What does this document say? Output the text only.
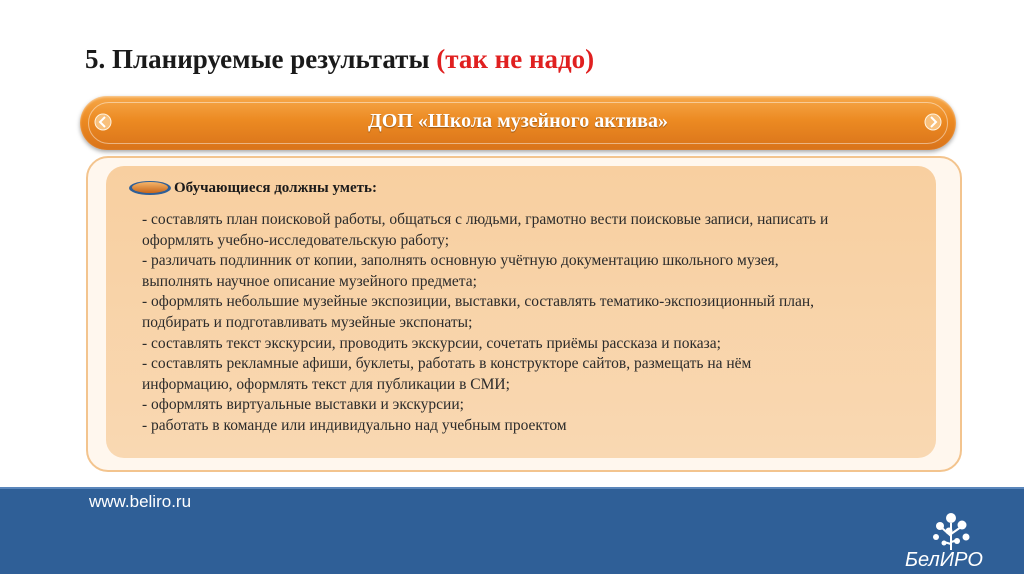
5. Планируемые результаты (так не надо)
ДОП «Школа музейного актива»
Обучающиеся должны уметь:
- составлять план поисковой работы, общаться с людьми, грамотно вести поисковые записи, написать и
оформлять учебно-исследовательскую работу;
- различать подлинник от копии, заполнять основную учётную документацию школьного музея,
выполнять научное описание музейного предмета;
- оформлять небольшие музейные экспозиции, выставки, составлять тематико-экспозиционный план,
подбирать и подготавливать музейные экспонаты;
- составлять текст экскурсии, проводить экскурсии, сочетать приёмы рассказа и показа;
- составлять рекламные афиши, буклеты, работать в конструкторе сайтов, размещать на нём
информацию, оформлять текст для публикации в СМИ;
- оформлять виртуальные выставки и экскурсии;
- работать в команде или индивидуально над учебным проектом
www.beliro.ru
БелИРО
